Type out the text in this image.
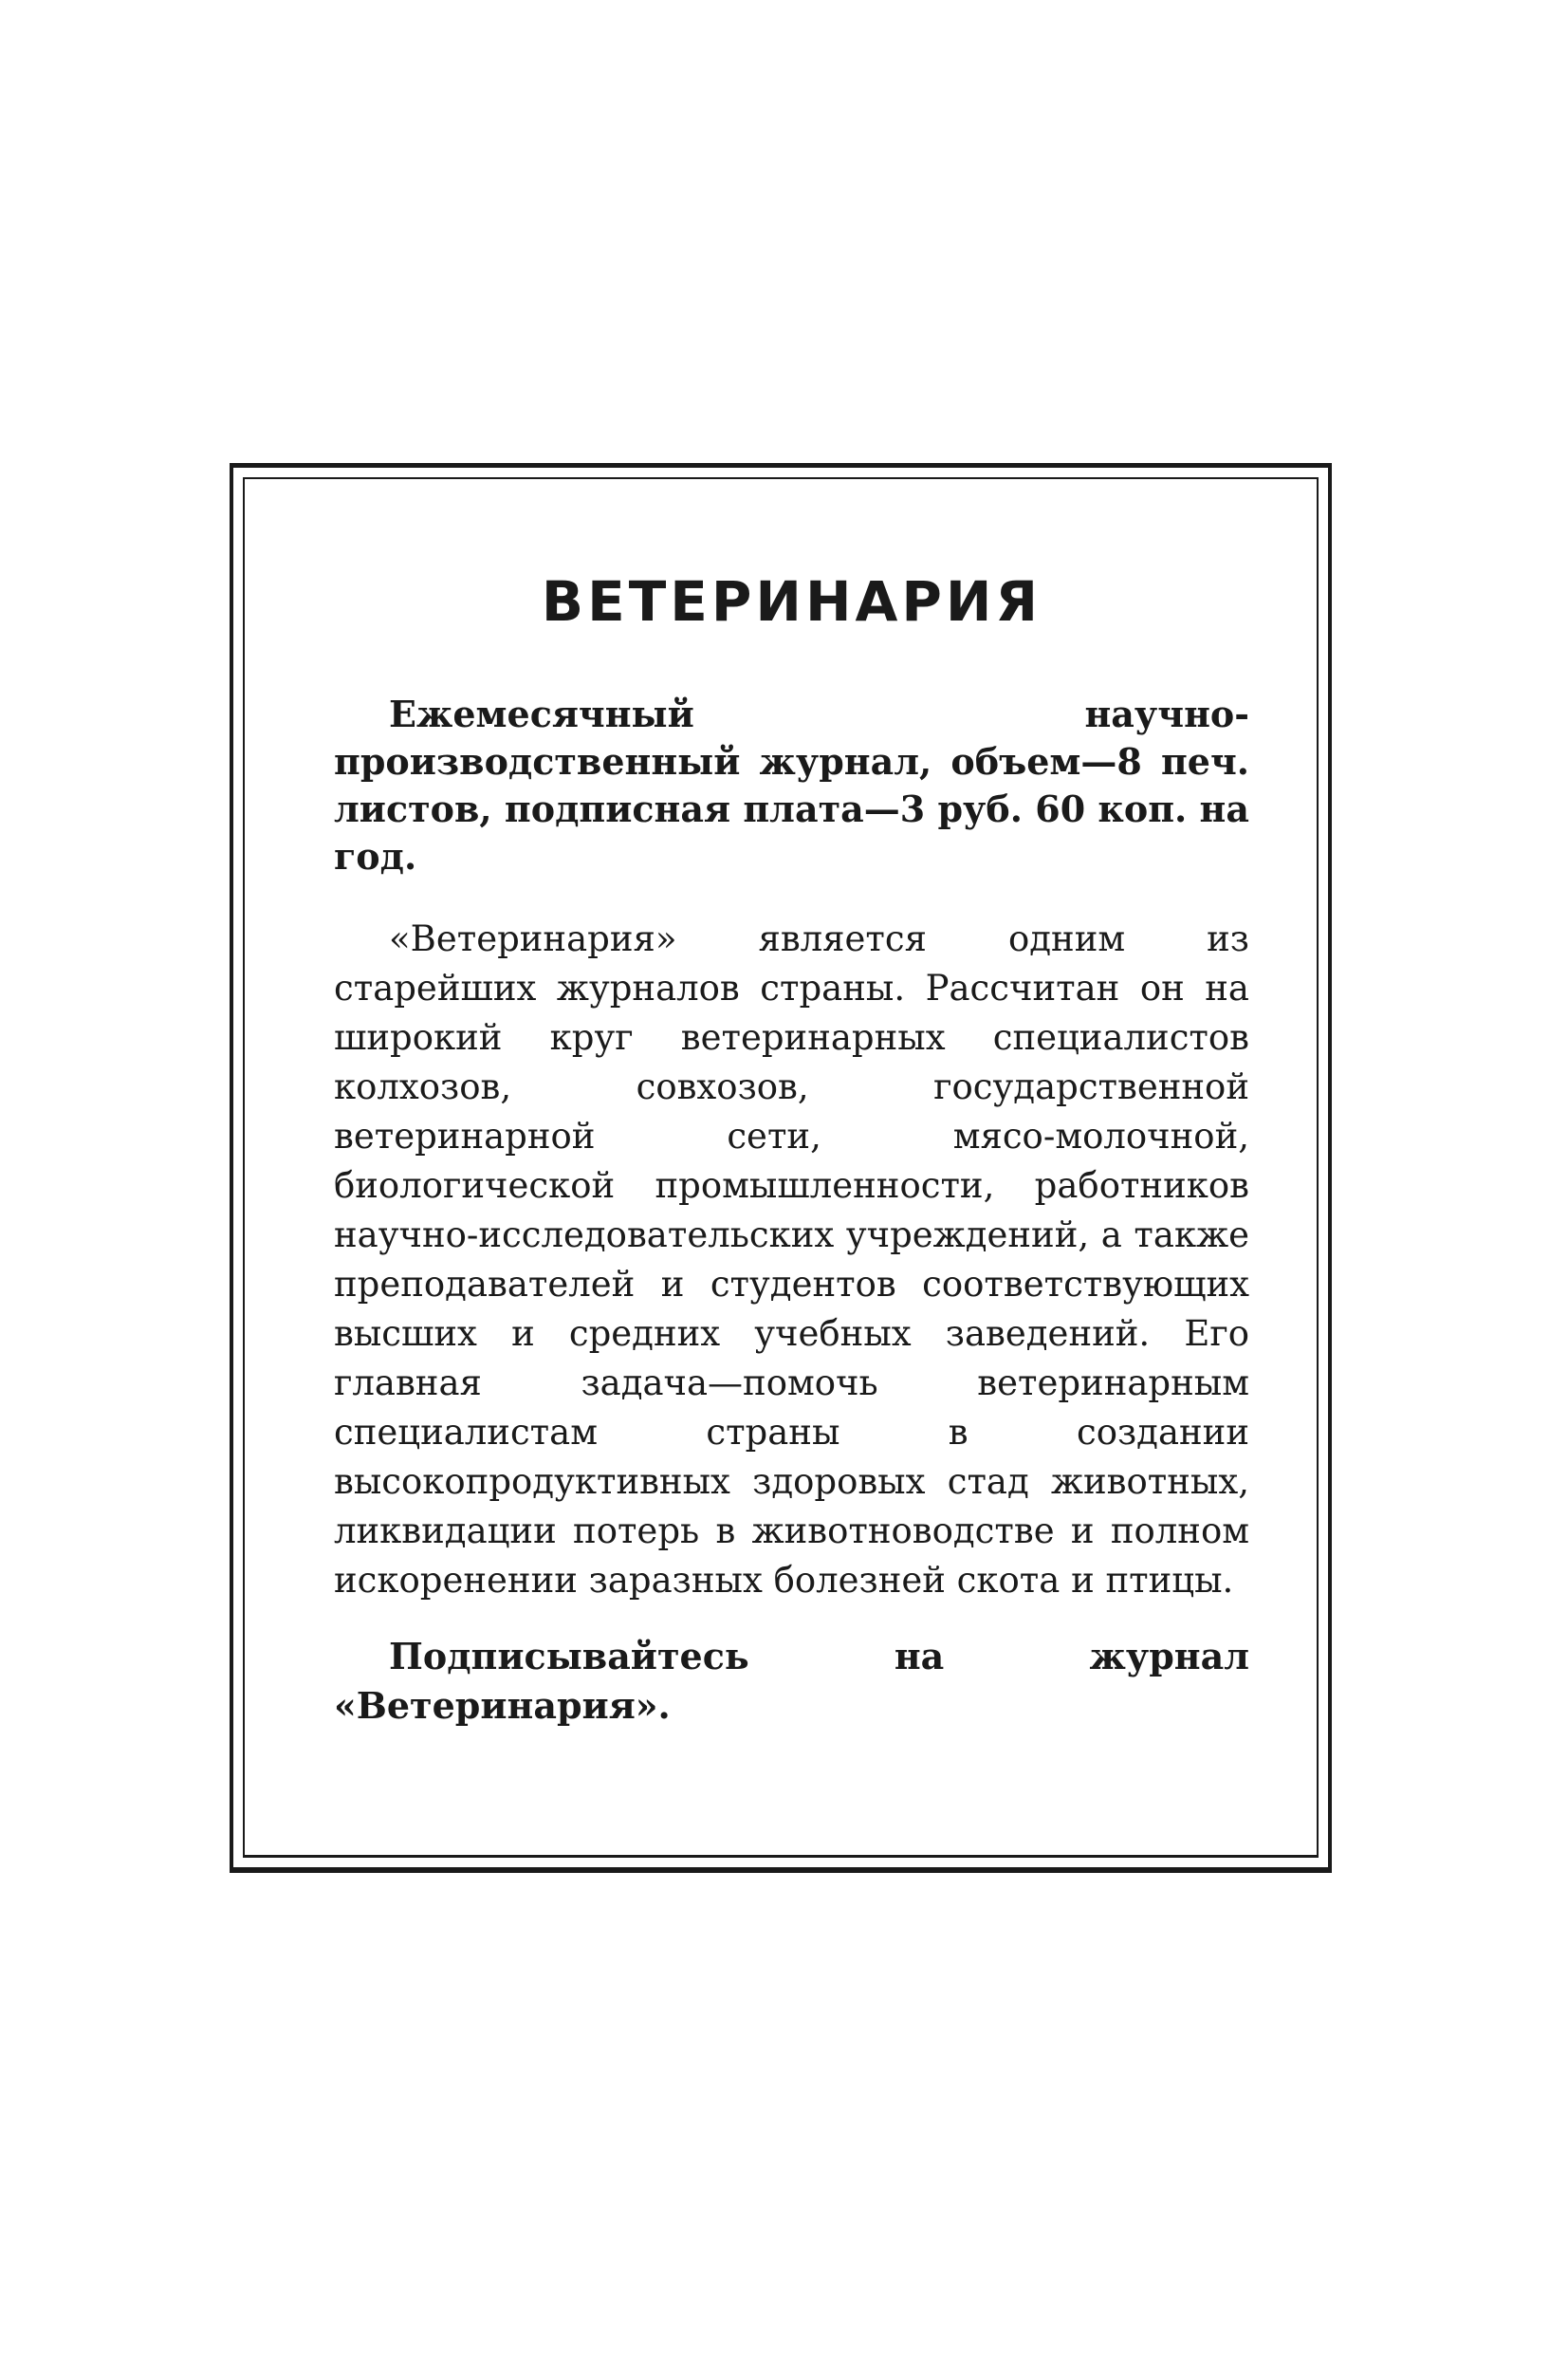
ВЕТЕРИНАРИЯ

Ежемесячный научно-производственный журнал, объем—8 печ. листов, подписная плата—3 руб. 60 коп. на год.

«Ветеринария» является одним из старейших журналов страны. Рассчитан он на широкий круг ветеринарных специалистов колхозов, совхозов, государственной ветеринарной сети, мясо-молочной, биологической промышленности, работников научно-исследовательских учреждений, а также преподавателей и студентов соответствующих высших и средних учебных заведений. Его главная задача—помочь ветеринарным специалистам страны в создании высокопродуктивных здоровых стад животных, ликвидации потерь в животноводстве и полном искоренении заразных болезней скота и птицы.

Подписывайтесь на журнал «Ветеринария».
